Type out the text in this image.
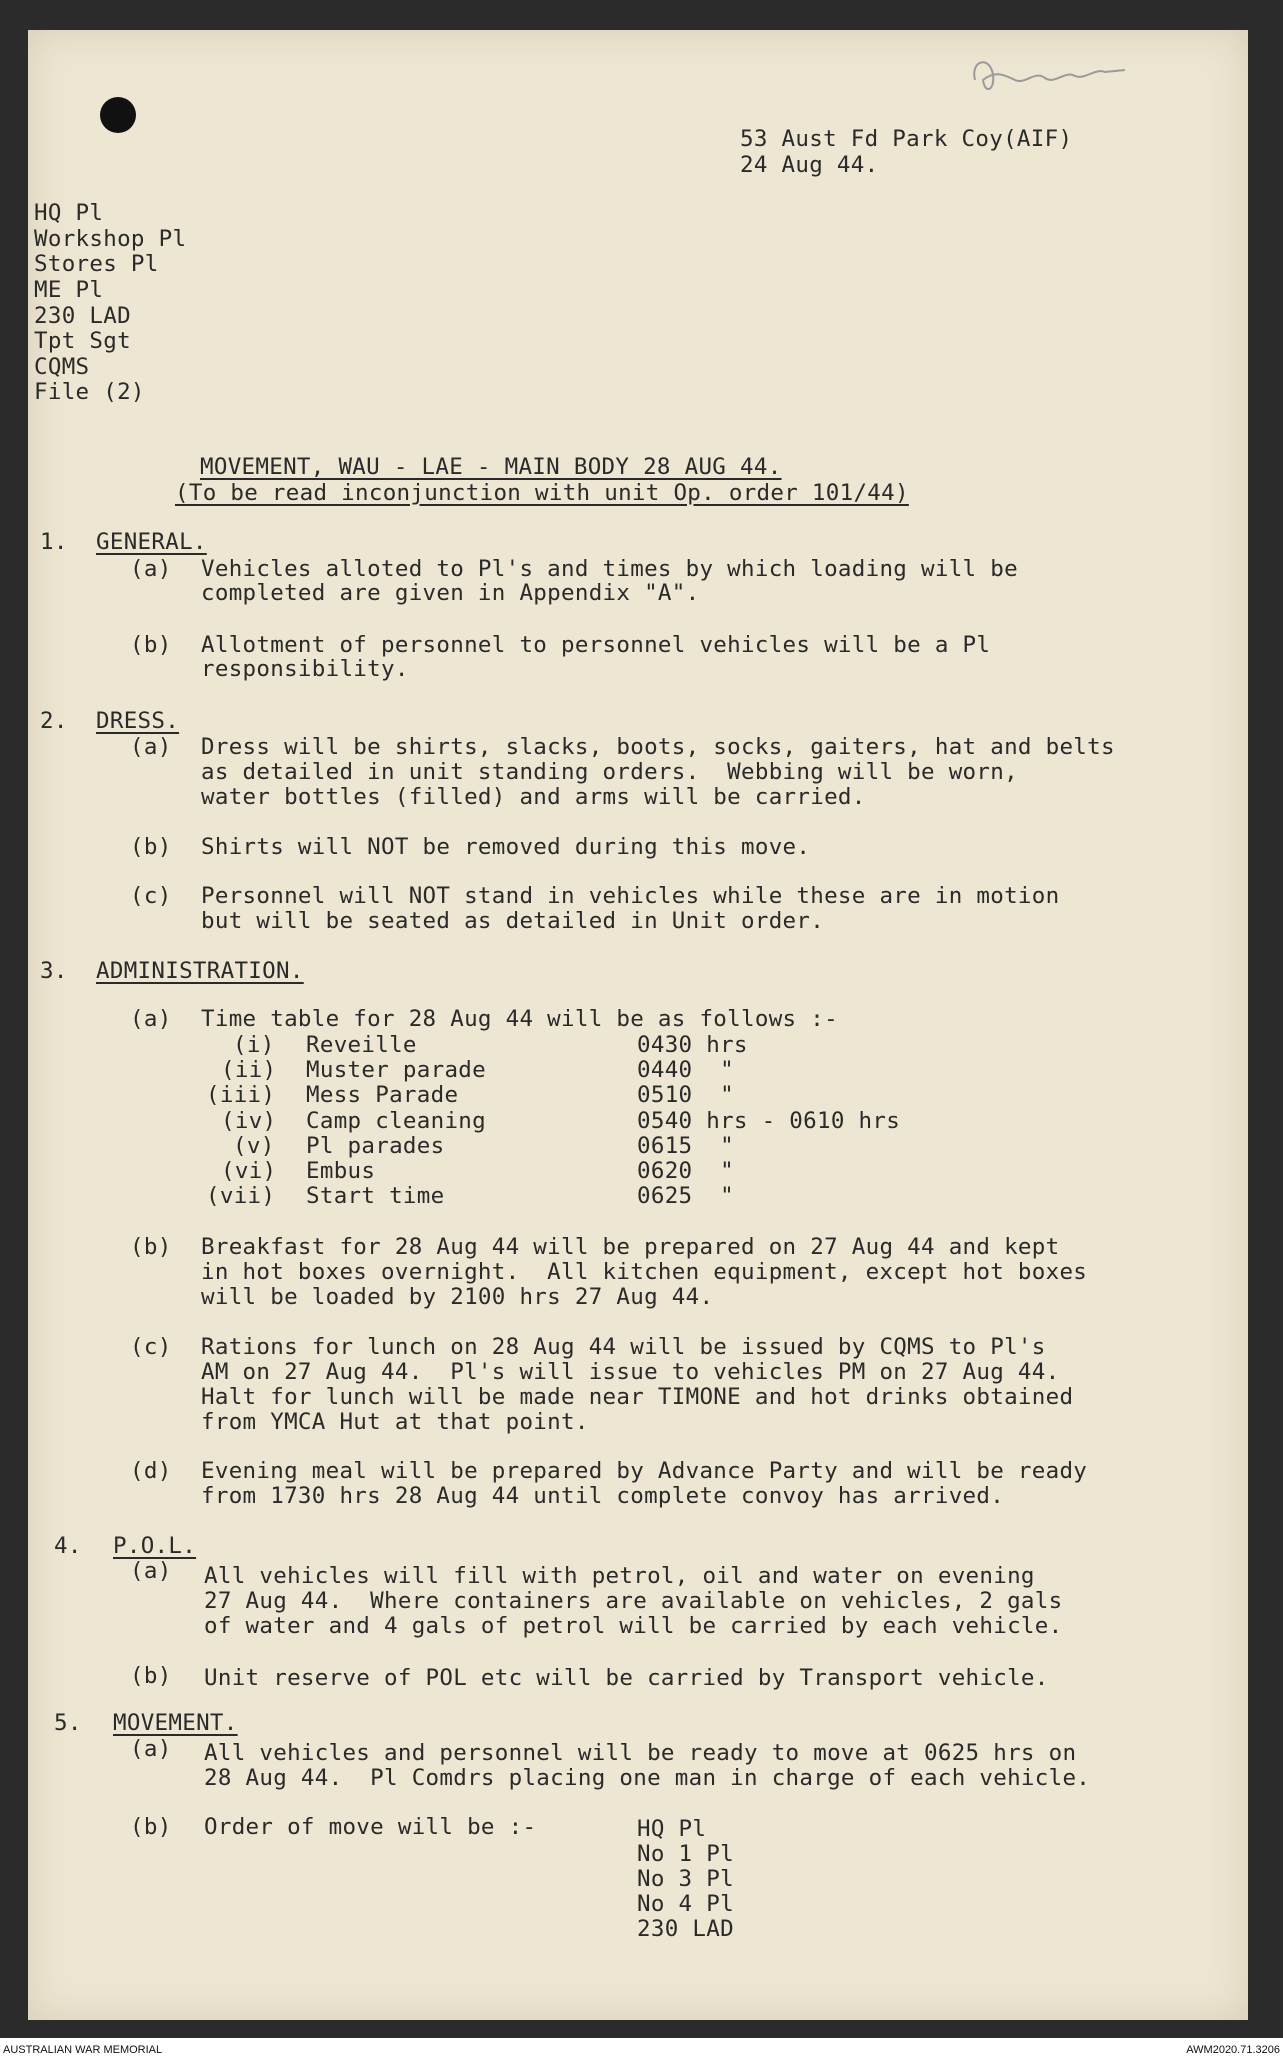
53 Aust Fd Park Coy(AIF)
24 Aug 44.
HQ Pl
Workshop Pl
Stores Pl
ME Pl
230 LAD
Tpt Sgt
CQMS
File (2)
MOVEMENT, WAU - LAE - MAIN BODY 28 AUG 44.
(To be read inconjunction with unit Op. order 101/44)
1. GENERAL.
(a) Vehicles alloted to Pl's and times by which loading will be
completed are given in Appendix "A".
(b) Allotment of personnel to personnel vehicles will be a Pl
responsibility.
2. DRESS.
(a) Dress will be shirts, slacks, boots, socks, gaiters, hat and belts
as detailed in unit standing orders.  Webbing will be worn,
water bottles (filled) and arms will be carried.
(b) Shirts will NOT be removed during this move.
(c) Personnel will NOT stand in vehicles while these are in motion
but will be seated as detailed in Unit order.
3. ADMINISTRATION.
(a) Time table for 28 Aug 44 will be as follows :-
(i) Reveille	0430 hrs
(ii) Muster parade	0440  "
(iii) Mess Parade	0510  "
(iv) Camp cleaning	0540 hrs - 0610 hrs
(v) Pl parades	0615  "
(vi) Embus	0620  "
(vii) Start time	0625  "
(b) Breakfast for 28 Aug 44 will be prepared on 27 Aug 44 and kept
in hot boxes overnight.  All kitchen equipment, except hot boxes
will be loaded by 2100 hrs 27 Aug 44.
(c) Rations for lunch on 28 Aug 44 will be issued by CQMS to Pl's
AM on 27 Aug 44.  Pl's will issue to vehicles PM on 27 Aug 44.
Halt for lunch will be made near TIMONE and hot drinks obtained
from YMCA Hut at that point.
(d) Evening meal will be prepared by Advance Party and will be ready
from 1730 hrs 28 Aug 44 until complete convoy has arrived.
4. P.O.L.
(a) All vehicles will fill with petrol, oil and water on evening
27 Aug 44.  Where containers are available on vehicles, 2 gals
of water and 4 gals of petrol will be carried by each vehicle.
(b) Unit reserve of POL etc will be carried by Transport vehicle.
5. MOVEMENT.
(a) All vehicles and personnel will be ready to move at 0625 hrs on
28 Aug 44.  Pl Comdrs placing one man in charge of each vehicle.
(b) Order of move will be :-	HQ Pl
No 1 Pl
No 3 Pl
No 4 Pl
230 LAD
AUSTRALIAN WAR MEMORIAL	AWM2020.71.3206
